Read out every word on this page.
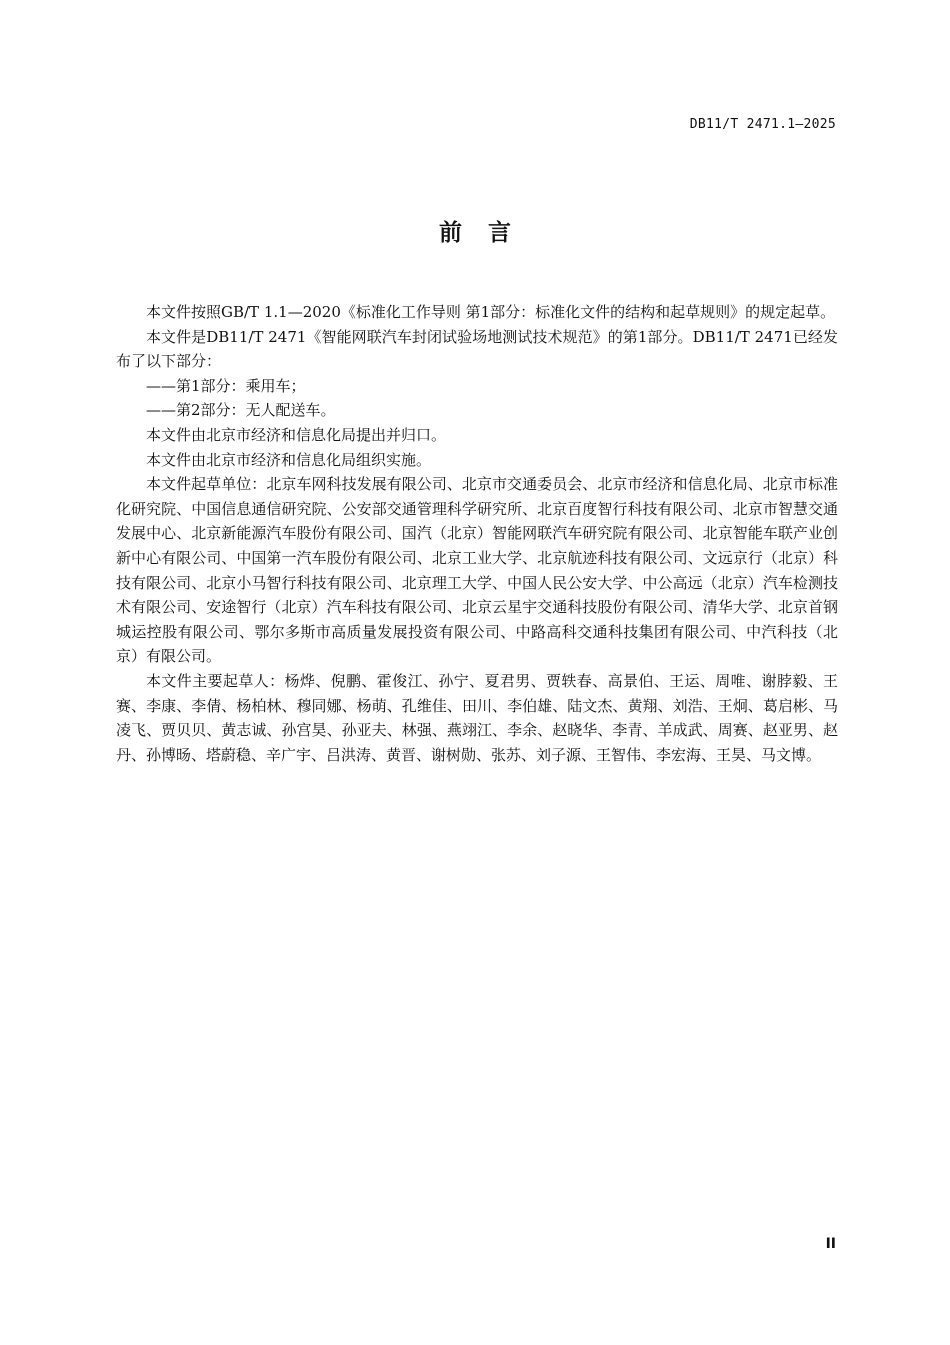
DB11/T 2471.1—2025
前言

本文件按照GB/T 1.1—2020《标准化工作导则 第1部分：标准化文件的结构和起草规则》的规定起草。

本文件是DB11/T 2471《智能网联汽车封闭试验场地测试技术规范》的第1部分。DB11/T 2471已经发布了以下部分：

——第1部分：乘用车；

——第2部分：无人配送车。

本文件由北京市经济和信息化局提出并归口。

本文件由北京市经济和信息化局组织实施。

本文件起草单位：北京车网科技发展有限公司、北京市交通委员会、北京市经济和信息化局、北京市标准化研究院、中国信息通信研究院、公安部交通管理科学研究所、北京百度智行科技有限公司、北京市智慧交通发展中心、北京新能源汽车股份有限公司、国汽（北京）智能网联汽车研究院有限公司、北京智能车联产业创新中心有限公司、中国第一汽车股份有限公司、北京工业大学、北京航迹科技有限公司、文远京行（北京）科技有限公司、北京小马智行科技有限公司、北京理工大学、中国人民公安大学、中公高远（北京）汽车检测技术有限公司、安途智行（北京）汽车科技有限公司、北京云星宇交通科技股份有限公司、清华大学、北京首钢城运控股有限公司、鄂尔多斯市高质量发展投资有限公司、中路高科交通科技集团有限公司、中汽科技（北京）有限公司。

本文件主要起草人：杨烨、倪鹏、霍俊江、孙宁、夏君男、贾轶春、高景伯、王运、周唯、谢脖毅、王赛、李康、李倩、杨柏林、穆同娜、杨萌、孔维佳、田川、李伯雄、陆文杰、黄翔、刘浩、王炯、葛启彬、马凌飞、贾贝贝、黄志诚、孙宫昊、孙亚夫、林强、燕翊江、李余、赵晓华、李青、羊成武、周赛、赵亚男、赵丹、孙博旸、塔蔚稳、辛广宇、吕洪涛、黄晋、谢树勋、张苏、刘子源、王智伟、李宏海、王昊、马文博。

II
